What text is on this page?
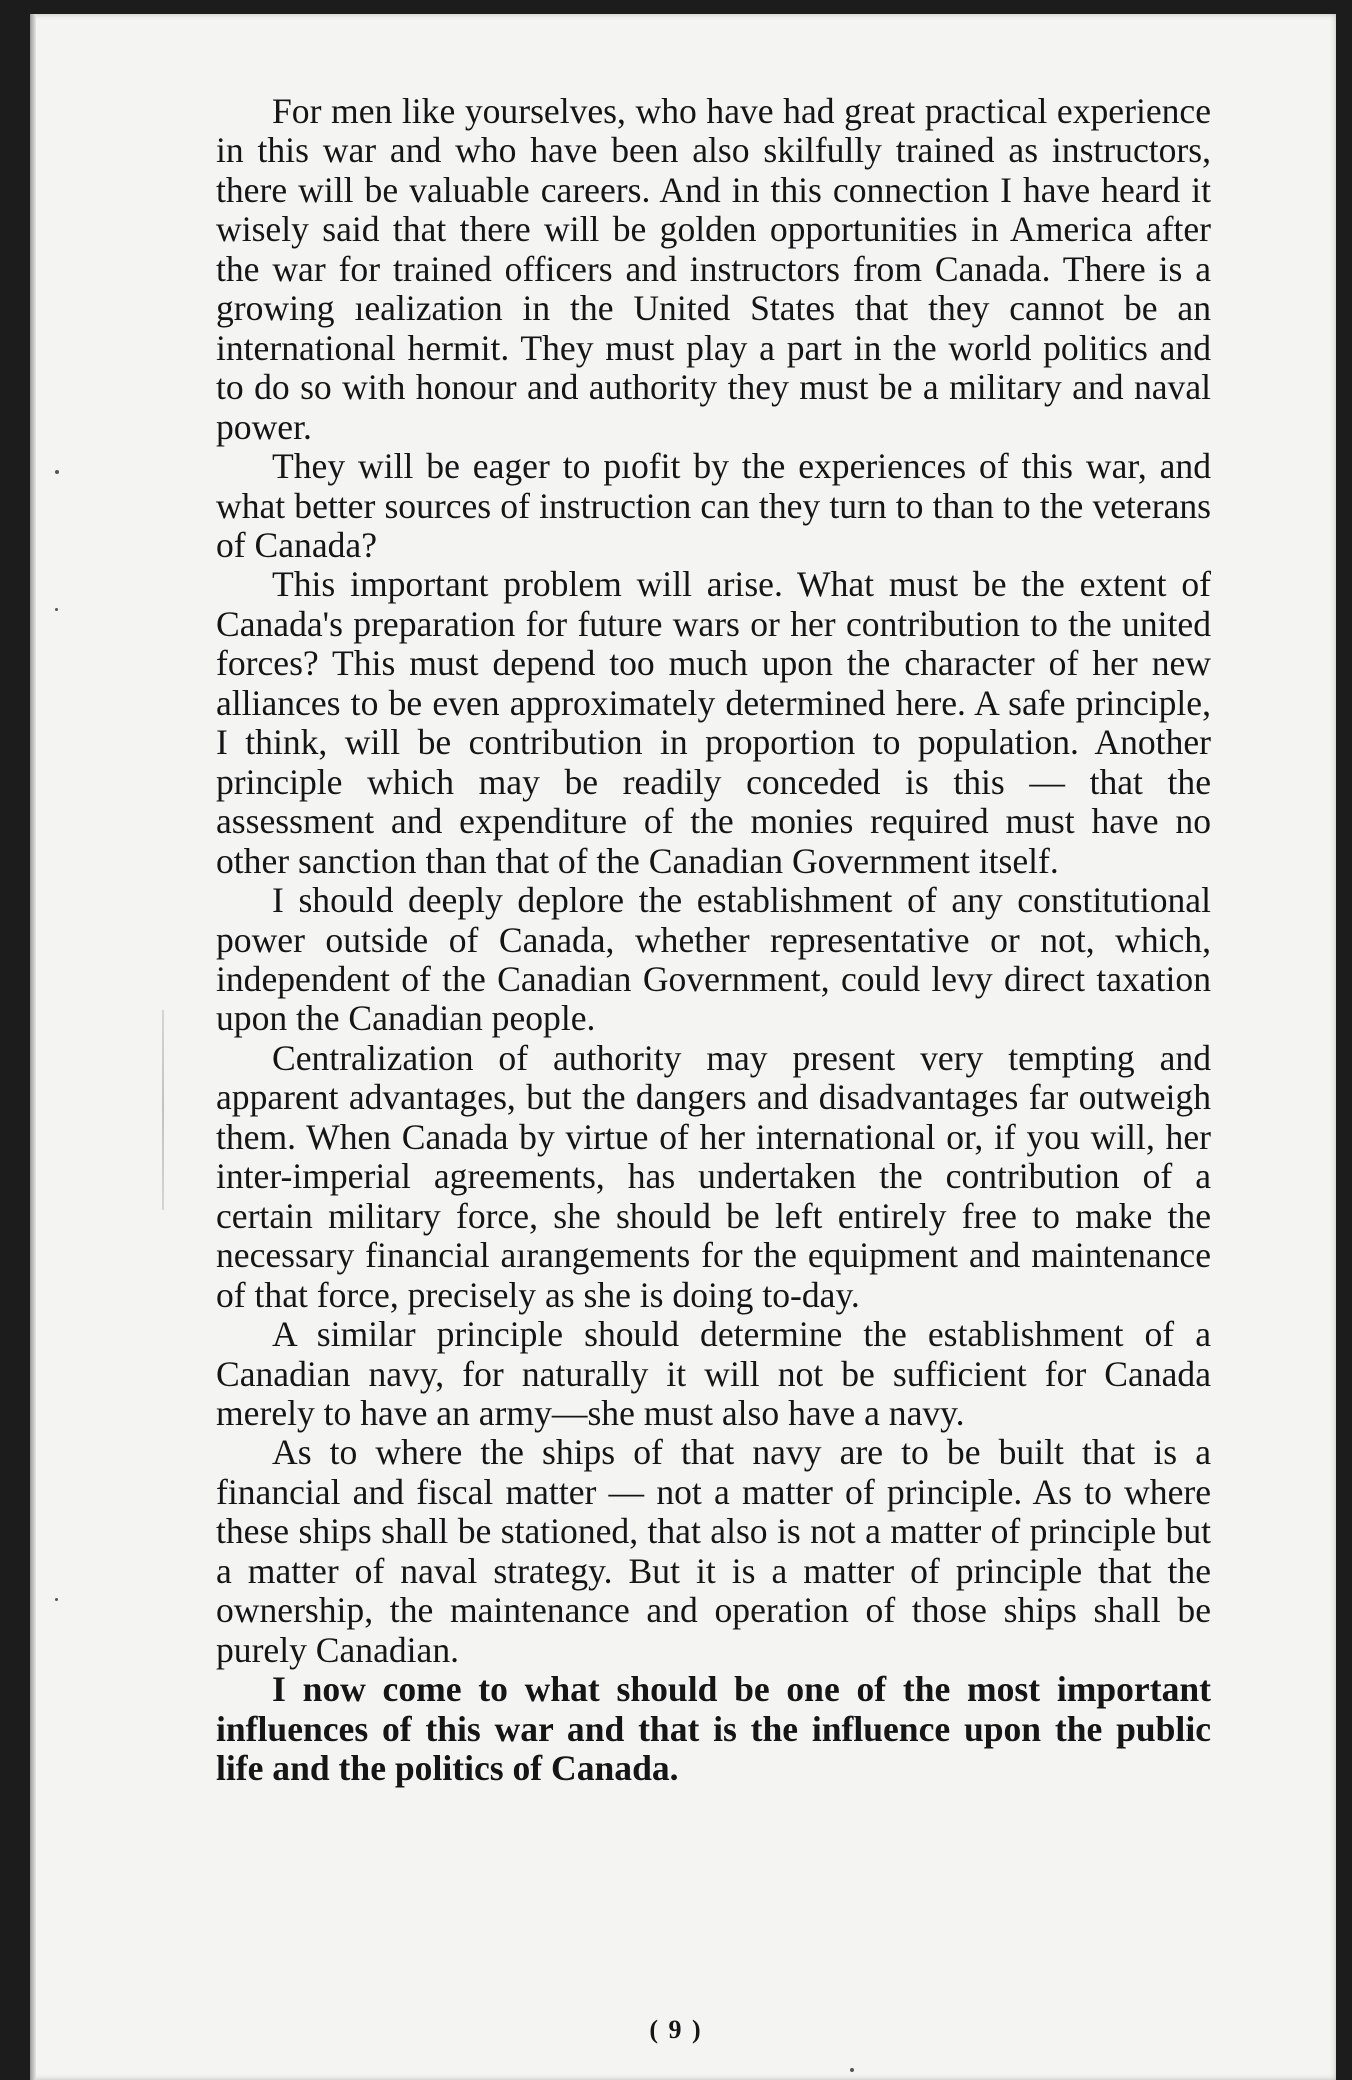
For men like yourselves, who have had great practical experience in this war and who have been also skilfully trained as instructors, there will be valuable careers. And in this connection I have heard it wisely said that there will be golden opportunities in America after the war for trained officers and instructors from Canada. There is a growing ıealization in the United States that they cannot be an international hermit. They must play a part in the world politics and to do so with honour and authority they must be a military and naval power.

They will be eager to pıofit by the experiences of this war, and what better sources of instruction can they turn to than to the veterans of Canada?

This important problem will arise. What must be the extent of Canada's preparation for future wars or her contribution to the united forces? This must depend too much upon the character of her new alliances to be even approximately determined here. A safe principle, I think, will be contribution in proportion to population. Another principle which may be readily conceded is this — that the assessment and expenditure of the monies required must have no other sanction than that of the Canadian Government itself.

I should deeply deplore the establishment of any constitutional power outside of Canada, whether representative or not, which, independent of the Canadian Government, could levy direct taxation upon the Canadian people.

Centralization of authority may present very tempting and apparent advantages, but the dangers and disadvantages far outweigh them. When Canada by virtue of her international or, if you will, her inter-imperial agreements, has undertaken the contribution of a certain military force, she should be left entirely free to make the necessary financial aırangements for the equipment and maintenance of that force, precisely as she is doing to-day.

A similar principle should determine the establishment of a Canadian navy, for naturally it will not be sufficient for Canada merely to have an army—she must also have a navy.

As to where the ships of that navy are to be built that is a financial and fiscal matter — not a matter of principle. As to where these ships shall be stationed, that also is not a matter of principle but a matter of naval strategy. But it is a matter of principle that the ownership, the maintenance and operation of those ships shall be purely Canadian.

I now come to what should be one of the most important influences of this war and that is the influence upon the public life and the politics of Canada.

( 9 )
